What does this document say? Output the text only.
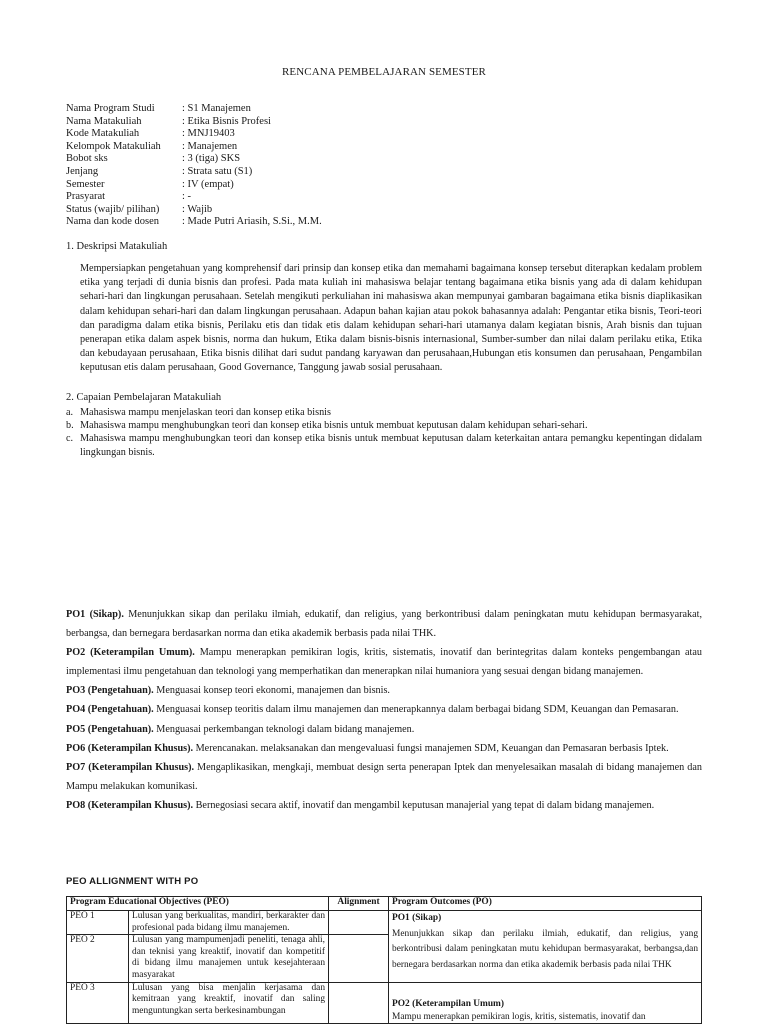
RENCANA PEMBELAJARAN SEMESTER
Nama Program Studi	: S1 Manajemen
Nama Matakuliah	: Etika Bisnis Profesi
Kode Matakuliah	: MNJ19403
Kelompok Matakuliah	: Manajemen
Bobot sks	: 3 (tiga) SKS
Jenjang	: Strata satu (S1)
Semester	: IV (empat)
Prasyarat	: -
Status (wajib/ pilihan)	: Wajib
Nama dan kode dosen	: Made Putri Ariasih, S.Si., M.M.
1. Deskripsi Matakuliah
Mempersiapkan pengetahuan yang komprehensif dari prinsip dan konsep etika dan memahami bagaimana konsep tersebut diterapkan kedalam problem etika yang terjadi di dunia bisnis dan profesi. Pada mata kuliah ini mahasiswa belajar tentang bagaimana etika bisnis yang ada di dalam kehidupan sehari-hari dan lingkungan perusahaan. Setelah mengikuti perkuliahan ini mahasiswa akan mempunyai gambaran bagaimana etika bisnis diaplikasikan dalam kehidupan sehari-hari dan dalam lingkungan perusahaan. Adapun bahan kajian atau pokok bahasannya adalah: Pengantar etika bisnis, Teori-teori dan paradigma dalam etika bisnis, Perilaku etis dan tidak etis dalam kehidupan sehari-hari utamanya dalam kegiatan bisnis, Arah bisnis dan tujuan penerapan etika dalam aspek bisnis, norma dan hukum, Etika dalam bisnis-bisnis internasional, Sumber-sumber dan nilai dalam perilaku etika, Etika dan kebudayaan perusahaan, Etika bisnis dilihat dari sudut pandang karyawan dan perusahaan,Hubungan etis konsumen dan perusahaan, Pengambilan keputusan etis dalam perusahaan, Good Governance, Tanggung jawab sosial perusahaan.
2. Capaian Pembelajaran Matakuliah
a. Mahasiswa mampu menjelaskan teori dan konsep etika bisnis
b. Mahasiswa mampu menghubungkan teori dan konsep etika bisnis untuk membuat keputusan dalam kehidupan sehari-sehari.
c. Mahasiswa mampu menghubungkan teori dan konsep etika bisnis untuk membuat keputusan dalam keterkaitan antara pemangku kepentingan didalam lingkungan bisnis.
PO1 (Sikap). Menunjukkan sikap dan perilaku ilmiah, edukatif, dan religius, yang berkontribusi dalam peningkatan mutu kehidupan bermasyarakat, berbangsa, dan bernegara berdasarkan norma dan etika akademik berbasis pada nilai THK.
PO2 (Keterampilan Umum). Mampu menerapkan pemikiran logis, kritis, sistematis, inovatif dan berintegritas dalam konteks pengembangan atau implementasi ilmu pengetahuan dan teknologi yang memperhatikan dan menerapkan nilai humaniora yang sesuai dengan bidang manajemen.
PO3 (Pengetahuan). Menguasai konsep teori ekonomi, manajemen dan bisnis.
PO4 (Pengetahuan). Menguasai konsep teoritis dalam ilmu manajemen dan menerapkannya dalam berbagai bidang SDM, Keuangan dan Pemasaran.
PO5 (Pengetahuan). Menguasai perkembangan teknologi dalam bidang manajemen.
PO6 (Keterampilan Khusus). Merencanakan. melaksanakan dan mengevaluasi fungsi manajemen SDM, Keuangan dan Pemasaran berbasis Iptek.
PO7 (Keterampilan Khusus). Mengaplikasikan, mengkaji, membuat design serta penerapan Iptek dan menyelesaikan masalah di bidang manajemen dan Mampu melakukan komunikasi.
PO8 (Keterampilan Khusus). Bernegosiasi secara aktif, inovatif dan mengambil keputusan manajerial yang tepat di dalam bidang manajemen.
PEO ALLIGNMENT WITH PO
Program Educational Objectives (PEO)		Alignment	Program Outcomes (PO)
PEO 1	Lulusan yang berkualitas, mandiri, berkarakter dan profesional pada bidang ilmu manajemen.		PO1 (Sikap)
Menunjukkan sikap dan perilaku ilmiah, edukatif, dan religius, yang berkontribusi dalam peningkatan mutu kehidupan bermasyarakat, berbangsa,dan bernegara berdasarkan norma dan etika akademik berbasis pada nilai THK

PEO 2	Lulusan yang mampumenjadi peneliti, tenaga ahli, dan teknisi yang kreaktif, inovatif dan kompetitif di bidang ilmu manajemen untuk kesejahteraan masyarakat		
PEO 3	Lulusan yang bisa menjalin kerjasama dan kemitraan yang kreaktif, inovatif dan saling menguntungkan serta berkesinambungan		PO2 (Keterampilan Umum)
Mampu menerapkan pemikiran logis, kritis, sistematis, inovatif dan
